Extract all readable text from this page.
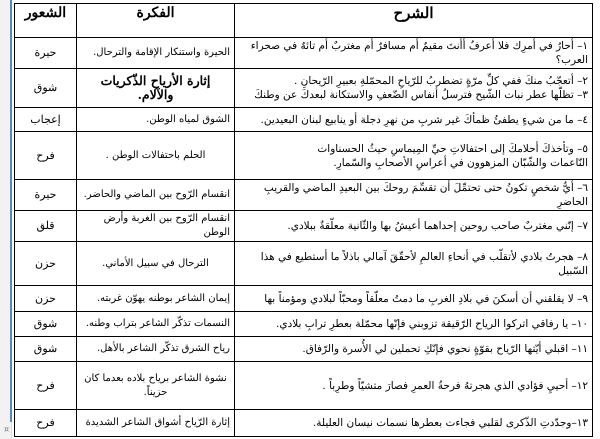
الشرح	الفكرة	الشعور
١– أحارُ في أمرِك فلا أعرفُ أأنتَ مقيمٌ أم مسافرٌ أم مغتربٌ أم تائهٌ في صحراء العرب؟	الحيرة واستنكار الإقامة والترحال.	حيرة

٢– أتعجّبُ منكَ ففي كلِّ مرّةٍ تضطربُ للرّياحِ المحمّلةِ بعبيرِ الرّيحانِ .
٣– تظلّها عطر نبات الشّيح فترسلُ أنفاس الضّعفِ والاستكانة لبعدكَ عن وطنكَ	إثارة الأرياح الذّكريات والآلام.	شوق
٤– ما من شيءٍ يطفئُ ظمأكَ غير شربِ من نهرِ دجلة أو ينابيع لبنان البعيدين.	الشوق لمياه الوطن.	إعجاب

٥– وتأخذكَ أحلامكَ إلى احتفالاتِ حيِّ المِيماسِ حيثُ الحسناوات
النّاعمات والشّبّان المزهوون في أعراسِ الأصحابِ والسّمارِ.	الحلم باحتفالات الوطن .	فرح
٦– أيُّ شخصٍ تكونُ حتى تحتمِّلَ أن تقسِّمَ روحكَ بين البعيدِ الماضي والقريبِ الحاضرِ	انقسام الرّوح بين الماضي والحاضر.	حيرة
٧– إنّني مغتربٌ صاحب روحين إحداهما أعيشُ بها والثّانية معلّقةٌ ببلادي.	انقسام الرّوح بين الغربة وأرض الوطن	قلق

٨– هجرتُ بلادي لأتقلّب في أنحاءِ العالمِ لأحقّقَ آمالي باذلاً ما أستطيع في هذا
السّبيل	الترحال في سبيل الأماني.	حزن
٩– لا يقلقني أن أسكنَ في بلادِ الغربِ ما دمتُ معلّقاً ومحبّاً لبلادي ومؤمناً بها	إيمان الشاعر بوطنه يهوّن غربته.	حزن
١٠– يا رفاقي اتركوا الرياح الرّقيقة تزوبني فإنّها محمّلة بعطرِ ترابِ بلادي.	النسمات تذكّر الشاعر بتراب وطنه.	شوق
١١– اقبلي أيّتها الرّياح بقوّةٍ نحوي فإنّكِ تحملين لي الأُسرة والرّفاق.	رياح الشرق تذكّر الشاعر بالأهل.	شوق
١٢– أحييِ فؤادي الذي هجرتهُ فرحةُ العمرِ فصارَ متشيّاً وطرِباً .	نشوة الشاعر برياح بلاده بعدما كان حزيناً.	فرح
١٣–وجدّدتِ الذّكرى لقلبي فجاءت بعطرها نسمات نيسان العليلة.	إثارة الرّياح أشواق الشاعر الشديدة	فرح
¤
